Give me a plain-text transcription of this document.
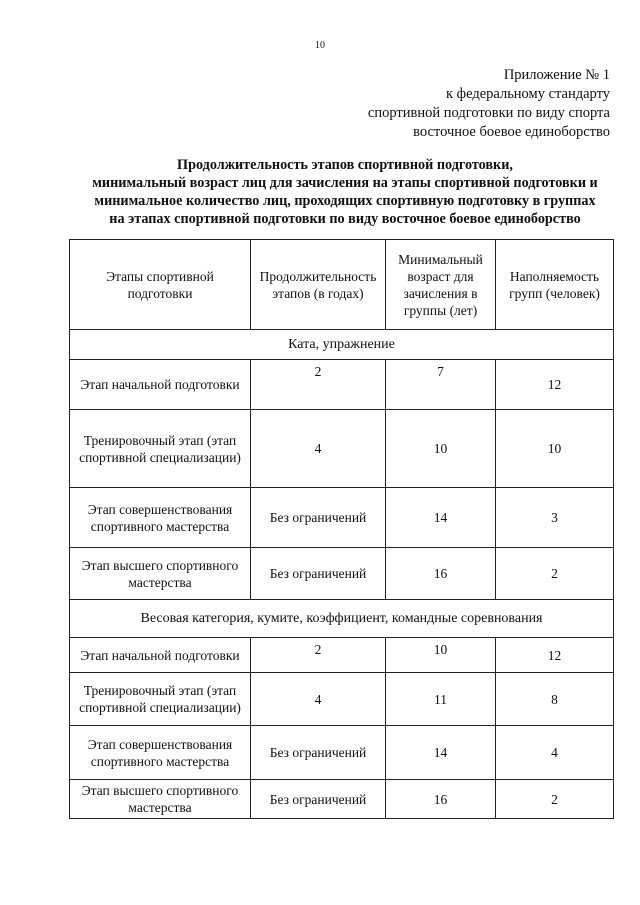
10
Приложение № 1
к федеральному стандарту
спортивной подготовки по виду спорта
восточное боевое единоборство
Продолжительность этапов спортивной подготовки,
минимальный возраст лиц для зачисления на этапы спортивной подготовки и
минимальное количество лиц, проходящих спортивную подготовку в группах
на этапах спортивной подготовки по виду восточное боевое единоборство
Этапы спортивной подготовки	Продолжительность этапов (в годах)	Минимальный возраст для зачисления в группы (лет)	Наполняемость групп (человек)
Ката, упражнение			
Этап начальной подготовки	2	7	12
Тренировочный этап (этап спортивной специализации)	4	10	10
Этап совершенствования спортивного мастерства	Без ограничений	14	3
Этап высшего спортивного мастерства	Без ограничений	16	2
Весовая категория, кумите, коэффициент, командные соревнования			
Этап начальной подготовки	2	10	12
Тренировочный этап (этап спортивной специализации)	4	11	8
Этап совершенствования спортивного мастерства	Без ограничений	14	4
Этап высшего спортивного мастерства	Без ограничений	16	2
